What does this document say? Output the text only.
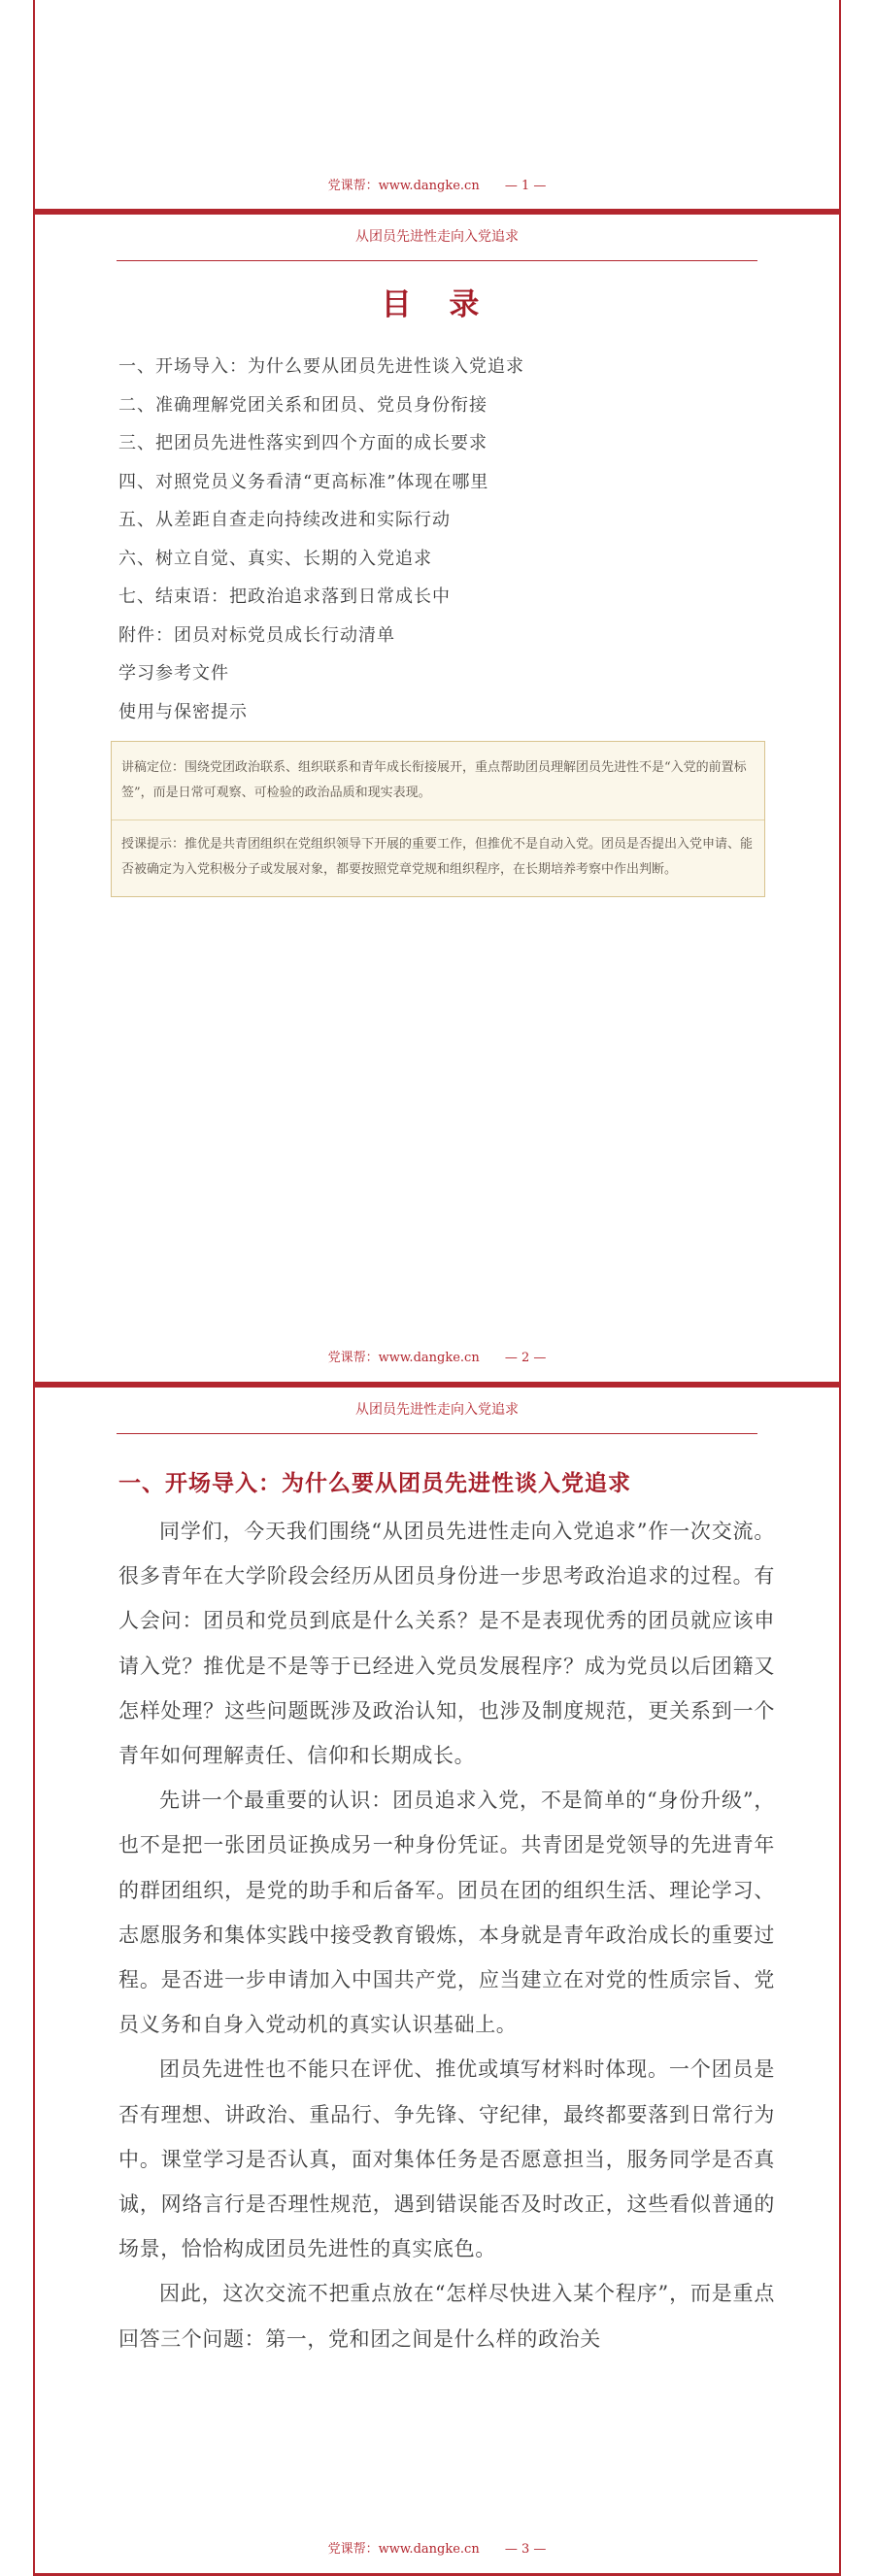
党课帮：www.dangke.cn — 1 —
从团员先进性走向入党追求
目 录
一、开场导入：为什么要从团员先进性谈入党追求
二、准确理解党团关系和团员、党员身份衔接
三、把团员先进性落实到四个方面的成长要求
四、对照党员义务看清“更高标准”体现在哪里
五、从差距自查走向持续改进和实际行动
六、树立自觉、真实、长期的入党追求
七、结束语：把政治追求落到日常成长中
附件：团员对标党员成长行动清单
学习参考文件
使用与保密提示
讲稿定位：围绕党团政治联系、组织联系和青年成长衔接展开，重点帮助团员理解团员先进性不是“入党的前置标签”，而是日常可观察、可检验的政治品质和现实表现。
授课提示：推优是共青团组织在党组织领导下开展的重要工作，但推优不是自动入党。团员是否提出入党申请、能否被确定为入党积极分子或发展对象，都要按照党章党规和组织程序，在长期培养考察中作出判断。
党课帮：www.dangke.cn — 2 —
从团员先进性走向入党追求
一、开场导入：为什么要从团员先进性谈入党追求

同学们，今天我们围绕“从团员先进性走向入党追求”作一次交流。很多青年在大学阶段会经历从团员身份进一步思考政治追求的过程。有人会问：团员和党员到底是什么关系？是不是表现优秀的团员就应该申请入党？推优是不是等于已经进入党员发展程序？成为党员以后团籍又怎样处理？这些问题既涉及政治认知，也涉及制度规范，更关系到一个青年如何理解责任、信仰和长期成长。

先讲一个最重要的认识：团员追求入党，不是简单的“身份升级”，也不是把一张团员证换成另一种身份凭证。共青团是党领导的先进青年的群团组织，是党的助手和后备军。团员在团的组织生活、理论学习、志愿服务和集体实践中接受教育锻炼，本身就是青年政治成长的重要过程。是否进一步申请加入中国共产党，应当建立在对党的性质宗旨、党员义务和自身入党动机的真实认识基础上。

团员先进性也不能只在评优、推优或填写材料时体现。一个团员是否有理想、讲政治、重品行、争先锋、守纪律，最终都要落到日常行为中。课堂学习是否认真，面对集体任务是否愿意担当，服务同学是否真诚，网络言行是否理性规范，遇到错误能否及时改正，这些看似普通的场景，恰恰构成团员先进性的真实底色。

因此，这次交流不把重点放在“怎样尽快进入某个程序”，而是重点回答三个问题：第一，党和团之间是什么样的政治关

党课帮：www.dangke.cn — 3 —
